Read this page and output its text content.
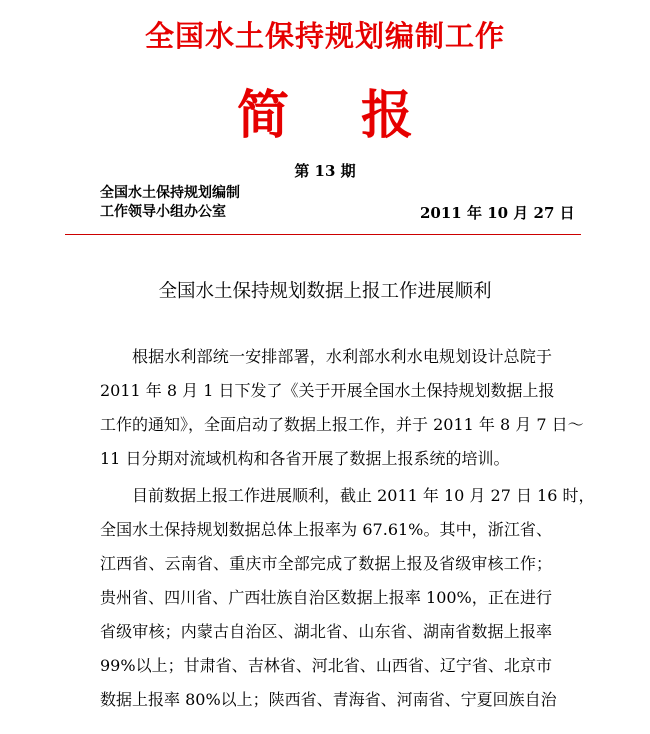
全国水土保持规划编制工作
简 报
第 13 期
全国水土保持规划编制
工作领导小组办公室	2011 年 10 月 27 日
全国水土保持规划数据上报工作进展顺利

根据水利部统一安排部署，水利部水利水电规划设计总院于
2011 年 8 月 1 日下发了《关于开展全国水土保持规划数据上报
工作的通知》，全面启动了数据上报工作，并于 2011 年 8 月 7 日～
11 日分期对流域机构和各省开展了数据上报系统的培训。

目前数据上报工作进展顺利，截止 2011 年 10 月 27 日 16 时，
全国水土保持规划数据总体上报率为 67.61%。其中，浙江省、
江西省、云南省、重庆市全部完成了数据上报及省级审核工作；
贵州省、四川省、广西壮族自治区数据上报率 100%，正在进行
省级审核；内蒙古自治区、湖北省、山东省、湖南省数据上报率
99%以上；甘肃省、吉林省、河北省、山西省、辽宁省、北京市
数据上报率 80%以上；陕西省、青海省、河南省、宁夏回族自治
